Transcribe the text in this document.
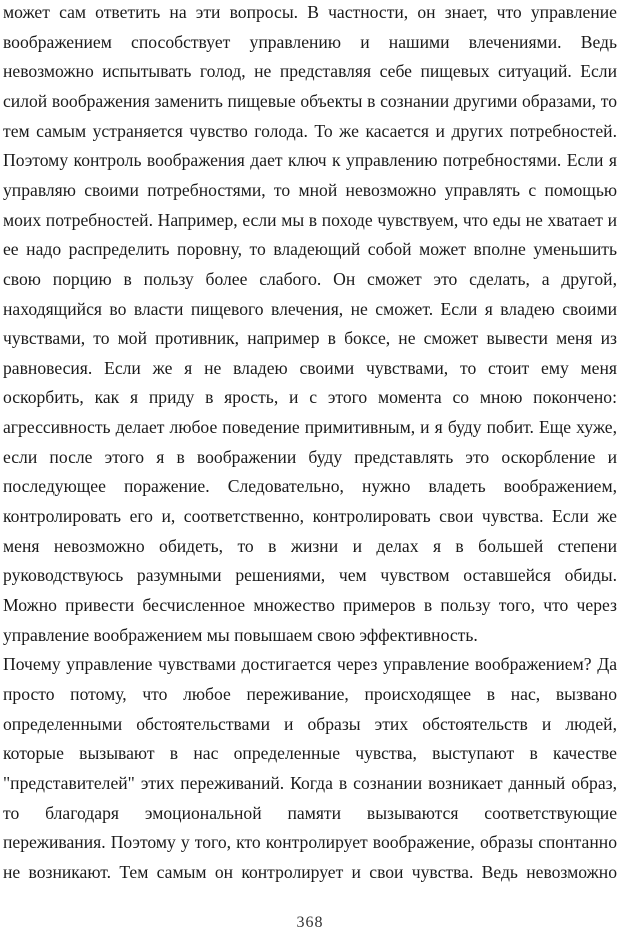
может сам ответить на эти вопросы. В частности, он знает, что управление
воображением способствует управлению и нашими влечениями. Ведь
невозможно испытывать голод, не представляя себе пищевых ситуаций. Если
силой воображения заменить пищевые объекты в сознании другими образами, то
тем самым устраняется чувство голода. То же касается и других потребностей.
Поэтому контроль воображения дает ключ к управлению потребностями. Если я
управляю своими потребностями, то мной невозможно управлять с помощью
моих потребностей. Например, если мы в походе чувствуем, что еды не хватает и
ее надо распределить поровну, то владеющий собой может вполне уменьшить
свою порцию в пользу более слабого. Он сможет это сделать, а другой,
находящийся во власти пищевого влечения, не сможет. Если я владею своими
чувствами, то мой противник, например в боксе, не сможет вывести меня из
равновесия. Если же я не владею своими чувствами, то стоит ему меня
оскорбить, как я приду в ярость, и с этого момента со мною покончено:
агрессивность делает любое поведение примитивным, и я буду побит. Еще хуже,
если после этого я в воображении буду представлять это оскорбление и
последующее поражение. Следовательно, нужно владеть воображением,
контролировать его и, соответственно, контролировать свои чувства. Если же
меня невозможно обидеть, то в жизни и делах я в большей степени
руководствуюсь разумными решениями, чем чувством оставшейся обиды.
Можно привести бесчисленное множество примеров в пользу того, что через
управление воображением мы повышаем свою эффективность.
Почему управление чувствами достигается через управление воображением? Да
просто потому, что любое переживание, происходящее в нас, вызвано
определенными обстоятельствами и образы этих обстоятельств и людей,
которые вызывают в нас определенные чувства, выступают в качестве
"представителей" этих переживаний. Когда в сознании возникает данный образ,
то благодаря эмоциональной памяти вызываются соответствующие
переживания. Поэтому у того, кто контролирует воображение, образы спонтанно
не возникают. Тем самым он контролирует и свои чувства. Ведь невозможно
368
